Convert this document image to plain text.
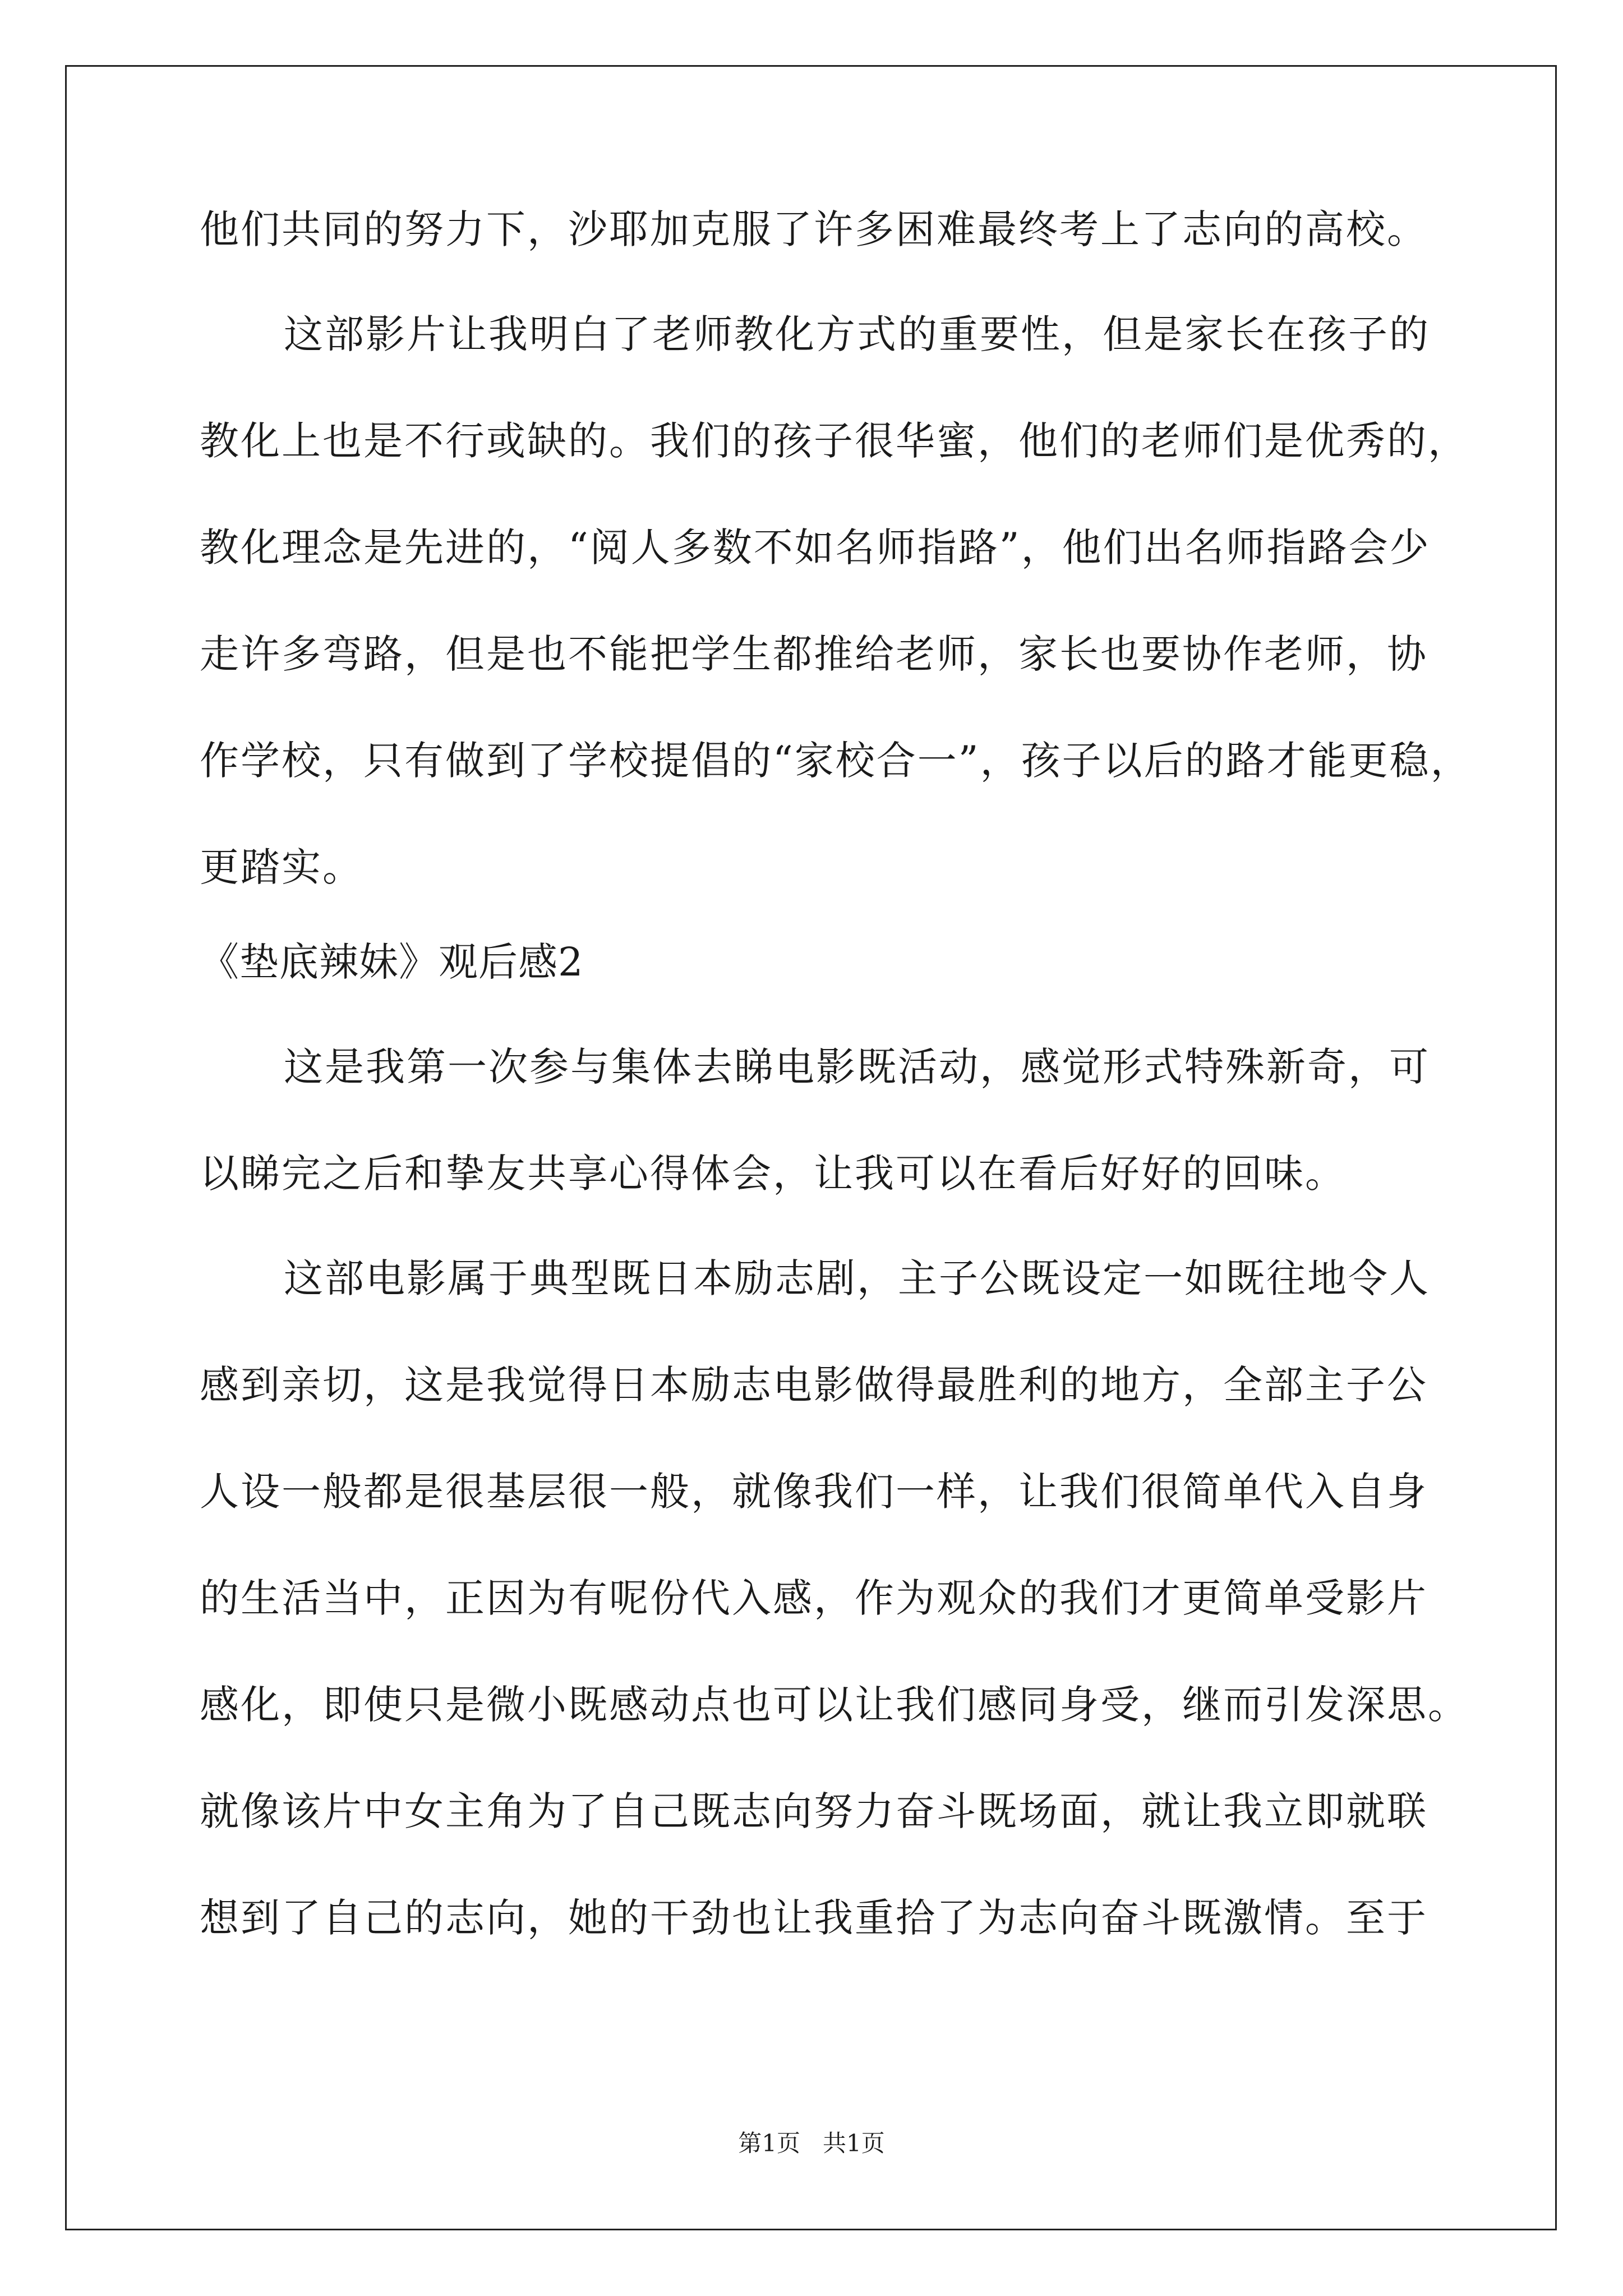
他们共同的努力下，沙耶加克服了许多困难最终考上了志向的高校。
这部影片让我明白了老师教化方式的重要性，但是家长在孩子的
教化上也是不行或缺的。我们的孩子很华蜜，他们的老师们是优秀的，
教化理念是先进的，“阅人多数不如名师指路”，他们出名师指路会少
走许多弯路，但是也不能把学生都推给老师，家长也要协作老师，协
作学校，只有做到了学校提倡的“家校合一”，孩子以后的路才能更稳，
更踏实。
《垫底辣妹》观后感2
这是我第一次参与集体去睇电影既活动，感觉形式特殊新奇，可
以睇完之后和挚友共享心得体会，让我可以在看后好好的回味。
这部电影属于典型既日本励志剧，主子公既设定一如既往地令人
感到亲切，这是我觉得日本励志电影做得最胜利的地方，全部主子公
人设一般都是很基层很一般，就像我们一样，让我们很简单代入自身
的生活当中，正因为有呢份代入感，作为观众的我们才更简单受影片
感化，即使只是微小既感动点也可以让我们感同身受，继而引发深思。
就像该片中女主角为了自己既志向努力奋斗既场面，就让我立即就联
想到了自己的志向，她的干劲也让我重拾了为志向奋斗既激情。至于
第1页   共1页
